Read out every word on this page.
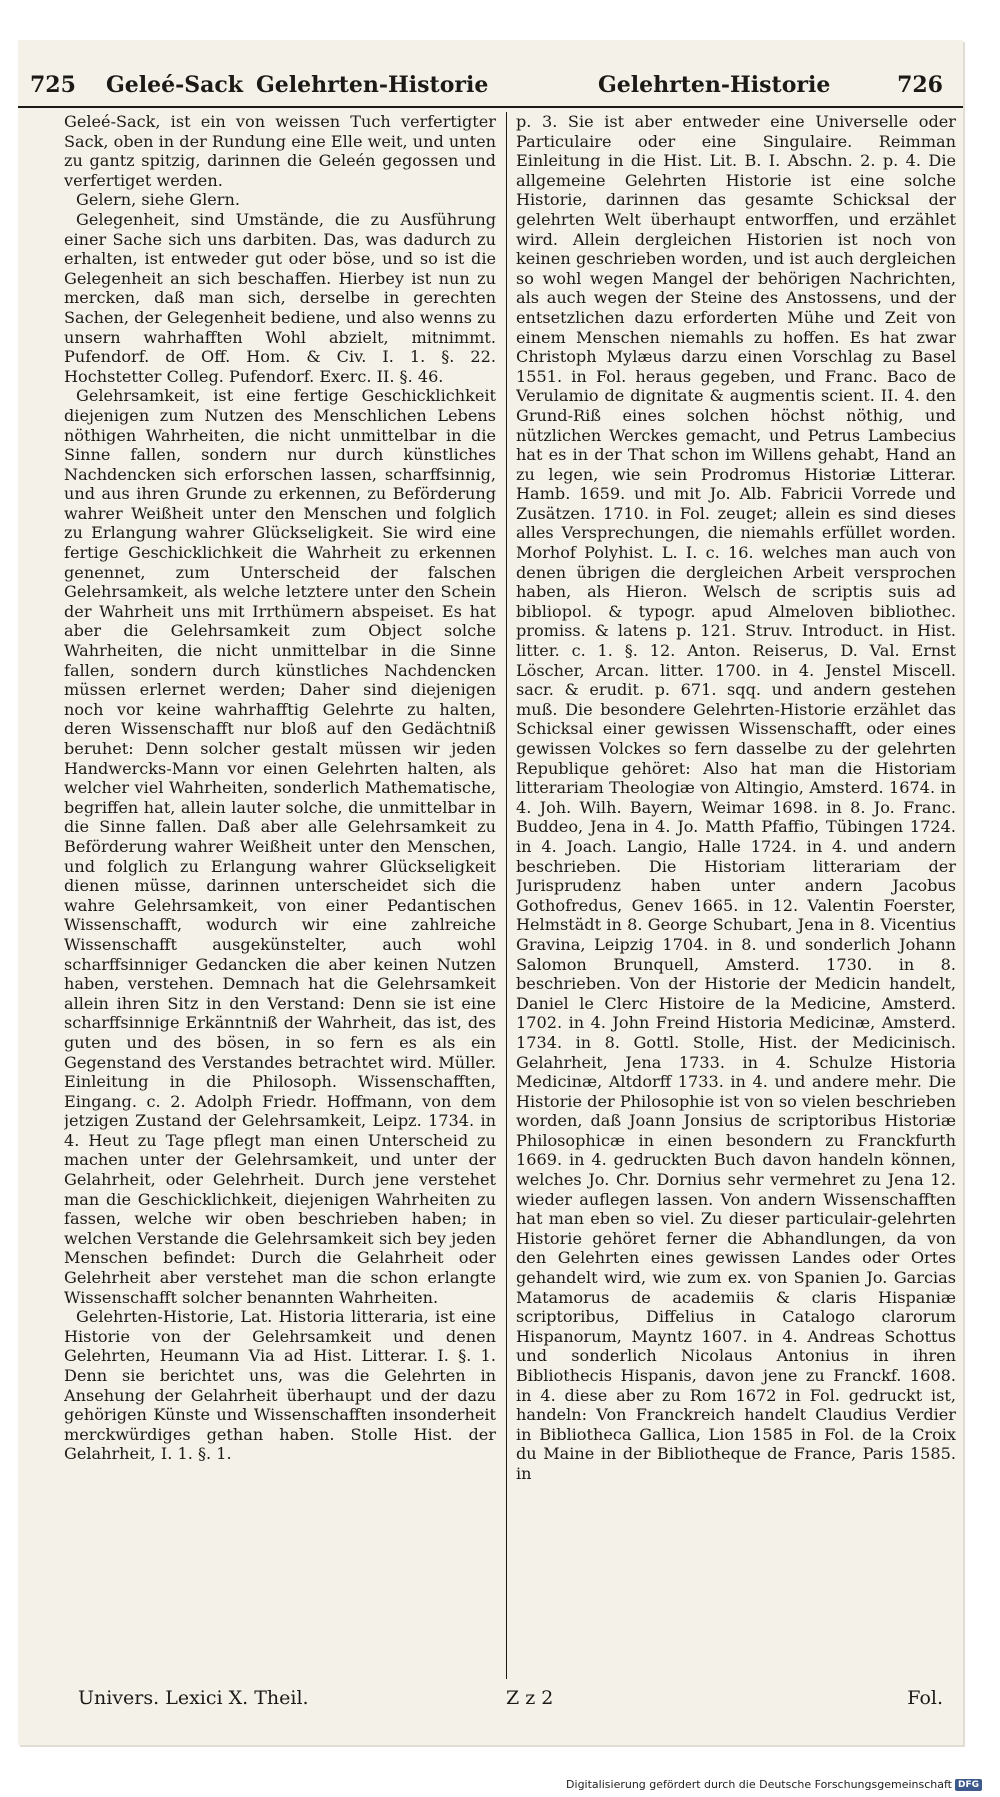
725 Geleé-Sack Gelehrten-Historie	Gelehrten-Historie	726

Geleé-Sack, ist ein von weissen Tuch verfertigter Sack, oben in der Rundung eine Elle weit, und unten zu gantz spitzig, darinnen die Geleén gegossen und verfertiget werden.

Gelern, siehe Glern.

Gelegenheit, sind Umstände, die zu Ausführung einer Sache sich uns darbiten. Das, was dadurch zu erhalten, ist entweder gut oder böse, und so ist die Gelegenheit an sich beschaffen. Hierbey ist nun zu mercken, daß man sich, derselbe in gerechten Sachen, der Gelegenheit bediene, und also wenns zu unsern wahrhafften Wohl abzielt, mitnimmt. Pufendorf. de Off. Hom. & Civ. I. 1. §. 22. Hochstetter Colleg. Pufendorf. Exerc. II. §. 46.

Gelehrsamkeit, ist eine fertige Geschicklichkeit diejenigen zum Nutzen des Menschlichen Lebens nöthigen Wahrheiten, die nicht unmittelbar in die Sinne fallen, sondern nur durch künstliches Nachdencken sich erforschen lassen, scharffsinnig, und aus ihren Grunde zu erkennen, zu Beförderung wahrer Weißheit unter den Menschen und folglich zu Erlangung wahrer Glückseligkeit. Sie wird eine fertige Geschicklichkeit die Wahrheit zu erkennen genennet, zum Unterscheid der falschen Gelehrsamkeit, als welche letztere unter den Schein der Wahrheit uns mit Irrthümern abspeiset. Es hat aber die Gelehrsamkeit zum Object solche Wahrheiten, die nicht unmittelbar in die Sinne fallen, sondern durch künstliches Nachdencken müssen erlernet werden; Daher sind diejenigen noch vor keine wahrhafftig Gelehrte zu halten, deren Wissenschafft nur bloß auf den Gedächtniß beruhet: Denn solcher gestalt müssen wir jeden Handwercks-Mann vor einen Gelehrten halten, als welcher viel Wahrheiten, sonderlich Mathematische, begriffen hat, allein lauter solche, die unmittelbar in die Sinne fallen. Daß aber alle Gelehrsamkeit zu Beförderung wahrer Weißheit unter den Menschen, und folglich zu Erlangung wahrer Glückseligkeit dienen müsse, darinnen unterscheidet sich die wahre Gelehrsamkeit, von einer Pedantischen Wissenschafft, wodurch wir eine zahlreiche Wissenschafft ausgekünstelter, auch wohl scharffsinniger Gedancken die aber keinen Nutzen haben, verstehen. Demnach hat die Gelehrsamkeit allein ihren Sitz in den Verstand: Denn sie ist eine scharffsinnige Erkänntniß der Wahrheit, das ist, des guten und des bösen, in so fern es als ein Gegenstand des Verstandes betrachtet wird. Müller. Einleitung in die Philosoph. Wissenschafften, Eingang. c. 2. Adolph Friedr. Hoffmann, von dem jetzigen Zustand der Gelehrsamkeit, Leipz. 1734. in 4. Heut zu Tage pflegt man einen Unterscheid zu machen unter der Gelehrsamkeit, und unter der Gelahrheit, oder Gelehrheit. Durch jene verstehet man die Geschicklichkeit, diejenigen Wahrheiten zu fassen, welche wir oben beschrieben haben; in welchen Verstande die Gelehrsamkeit sich bey jeden Menschen befindet: Durch die Gelahrheit oder Gelehrheit aber verstehet man die schon erlangte Wissenschafft solcher benannten Wahrheiten.

Gelehrten-Historie, Lat. Historia litteraria, ist eine Historie von der Gelehrsamkeit und denen Gelehrten, Heumann Via ad Hist. Litterar. I. §. 1. Denn sie berichtet uns, was die Gelehrten in Ansehung der Gelahrheit überhaupt und der dazu gehörigen Künste und Wissenschafften insonderheit merckwürdiges gethan haben. Stolle Hist. der Gelahrheit, I. 1. §. 1.

p. 3. Sie ist aber entweder eine Universelle oder Particulaire oder eine Singulaire. Reimman Einleitung in die Hist. Lit. B. I. Abschn. 2. p. 4. Die allgemeine Gelehrten Historie ist eine solche Historie, darinnen das gesamte Schicksal der gelehrten Welt überhaupt entworffen, und erzählet wird. Allein dergleichen Historien ist noch von keinen geschrieben worden, und ist auch dergleichen so wohl wegen Mangel der behörigen Nachrichten, als auch wegen der Steine des Anstossens, und der entsetzlichen dazu erforderten Mühe und Zeit von einem Menschen niemahls zu hoffen. Es hat zwar Christoph Mylæus darzu einen Vorschlag zu Basel 1551. in Fol. heraus gegeben, und Franc. Baco de Verulamio de dignitate & augmentis scient. II. 4. den Grund-Riß eines solchen höchst nöthig, und nützlichen Werckes gemacht, und Petrus Lambecius hat es in der That schon im Willens gehabt, Hand an zu legen, wie sein Prodromus Historiæ Litterar. Hamb. 1659. und mit Jo. Alb. Fabricii Vorrede und Zusätzen. 1710. in Fol. zeuget; allein es sind dieses alles Versprechungen, die niemahls erfüllet worden. Morhof Polyhist. L. I. c. 16. welches man auch von denen übrigen die dergleichen Arbeit versprochen haben, als Hieron. Welsch de scriptis suis ad bibliopol. & typogr. apud Almeloven bibliothec. promiss. & latens p. 121. Struv. Introduct. in Hist. litter. c. 1. §. 12. Anton. Reiserus, D. Val. Ernst Löscher, Arcan. litter. 1700. in 4. Jenstel Miscell. sacr. & erudit. p. 671. sqq. und andern gestehen muß. Die besondere Gelehrten-Historie erzählet das Schicksal einer gewissen Wissenschafft, oder eines gewissen Volckes so fern dasselbe zu der gelehrten Republique gehöret: Also hat man die Historiam litterariam Theologiæ von Altingio, Amsterd. 1674. in 4. Joh. Wilh. Bayern, Weimar 1698. in 8. Jo. Franc. Buddeo, Jena in 4. Jo. Matth Pfaffio, Tübingen 1724. in 4. Joach. Langio, Halle 1724. in 4. und andern beschrieben. Die Historiam litterariam der Jurisprudenz haben unter andern Jacobus Gothofredus, Genev 1665. in 12. Valentin Foerster, Helmstädt in 8. George Schubart, Jena in 8. Vicentius Gravina, Leipzig 1704. in 8. und sonderlich Johann Salomon Brunquell, Amsterd. 1730. in 8. beschrieben. Von der Historie der Medicin handelt, Daniel le Clerc Histoire de la Medicine, Amsterd. 1702. in 4. John Freind Historia Medicinæ, Amsterd. 1734. in 8. Gottl. Stolle, Hist. der Medicinisch. Gelahrheit, Jena 1733. in 4. Schulze Historia Medicinæ, Altdorff 1733. in 4. und andere mehr. Die Historie der Philosophie ist von so vielen beschrieben worden, daß Joann Jonsius de scriptoribus Historiæ Philosophicæ in einen besondern zu Franckfurth 1669. in 4. gedruckten Buch davon handeln können, welches Jo. Chr. Dornius sehr vermehret zu Jena 12. wieder auflegen lassen. Von andern Wissenschafften hat man eben so viel. Zu dieser particulair-gelehrten Historie gehöret ferner die Abhandlungen, da von den Gelehrten eines gewissen Landes oder Ortes gehandelt wird, wie zum ex. von Spanien Jo. Garcias Matamorus de academiis & claris Hispaniæ scriptoribus, Diffelius in Catalogo clarorum Hispanorum, Mayntz 1607. in 4. Andreas Schottus und sonderlich Nicolaus Antonius in ihren Bibliothecis Hispanis, davon jene zu Franckf. 1608. in 4. diese aber zu Rom 1672 in Fol. gedruckt ist, handeln: Von Franckreich handelt Claudius Verdier in Bibliotheca Gallica, Lion 1585 in Fol. de la Croix du Maine in der Bibliotheque de France, Paris 1585. in

Univers. Lexici X. Theil.	Z z 2	Fol.
Digitalisierung gefördert durch die Deutsche Forschungsgemeinschaft DFG
